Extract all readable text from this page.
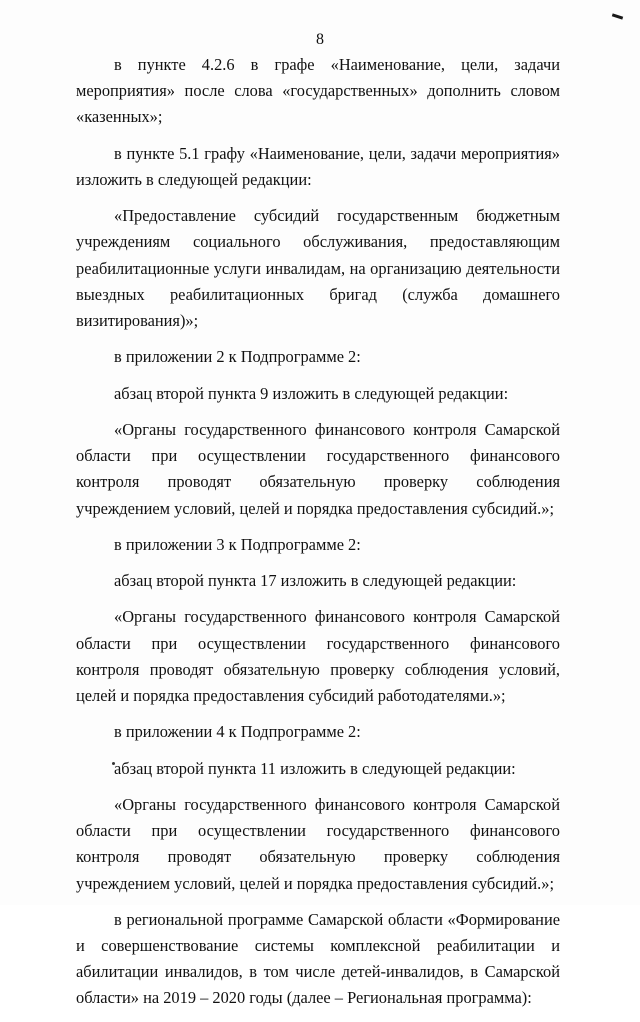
8

в пункте 4.2.6 в графе «Наименование, цели, задачи мероприятия» после слова «государственных» дополнить словом «казенных»;

в пункте 5.1 графу «Наименование, цели, задачи мероприятия» изложить в следующей редакции:

«Предоставление субсидий государственным бюджетным учреждениям социального обслуживания, предоставляющим реабилитационные услуги инвалидам, на организацию деятельности выездных реабилитационных бригад (служба домашнего визитирования)»;

в приложении 2 к Подпрограмме 2:

абзац второй пункта 9 изложить в следующей редакции:

«Органы государственного финансового контроля Самарской области при осуществлении государственного финансового контроля проводят обязательную проверку соблюдения учреждением условий, целей и порядка предоставления субсидий.»;

в приложении 3 к Подпрограмме 2:

абзац второй пункта 17 изложить в следующей редакции:

«Органы государственного финансового контроля Самарской области при осуществлении государственного финансового контроля проводят обязательную проверку соблюдения условий, целей и порядка предоставления субсидий работодателями.»;

в приложении 4 к Подпрограмме 2:

абзац второй пункта 11 изложить в следующей редакции:

«Органы государственного финансового контроля Самарской области при осуществлении государственного финансового контроля проводят обязательную проверку соблюдения учреждением условий, целей и порядка предоставления субсидий.»;

в региональной программе Самарской области «Формирование и совершенствование системы комплексной реабилитации и абилитации инвалидов, в том числе детей-инвалидов, в Самарской области» на 2019 – 2020 годы (далее – Региональная программа):
